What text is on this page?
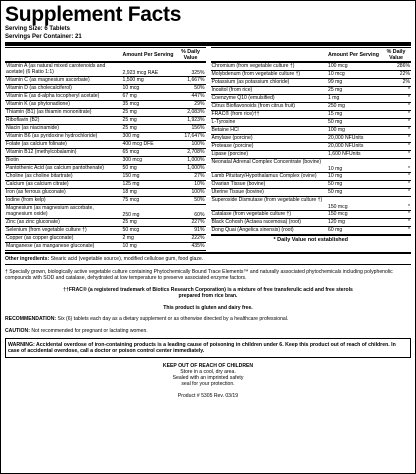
Supplement Facts
Serving Size: 6 Tablets
Servings Per Container: 21
Amount Per Serving	% Daily Value
Vitamin A (as natural mixed carotenoids and acetate) (6 Ratio 1:1)	2,923 mcg RAE	325%
Vitamin C (as magnesium ascorbate)	1,500 mg	1,667%
Vitamin D (as cholecalciferol)	10 mcg	50%
Vitamin E (as d-alpha tocopheryl acetate)	67 mg	447%
Vitamin K (as phytonadione)	35 mcg	29%
Thiamin (B1) (as thiamin mononitrate)	25 mg	2,083%
Riboflavin (B2)	25 mg	1,923%
Niacin (as niacinamide)	25 mg	156%
Vitamin B6 (as pyridoxine hydrochloride)	300 mg	17,647%
Folate (as calcium folinate)	400 mcg DFE	100%
Vitamin B12 (methylcobalamin)	65 mcg	2,708%
Biotin	300 mcg	1,000%
Pantothenic Acid (as calcium pantothenate)	50 mg	1,000%
Choline (as choline bitartrate)	150 mg	27%
Calcium (as calcium citrate)	125 mg	10%
Iron (as ferrous gluconate)	18 mg	100%
Iodine (from kelp)	75 mcg	50%
Magnesium (as magnesium ascorbate, magnesium oxide)	250 mg	60%
Zinc (as zinc gluconate)	25 mg	227%
Selenium (from vegetable culture †)	50 mcg	91%
Copper (as copper gluconate)	2 mg	222%
Manganese (as manganese gluconate)	10 mg	435%
Amount Per Serving	% Daily Value
Chromium (from vegetable culture †)	100 mcg	286%
Molybdenum (from vegetable culture †)	10 mcg	22%
Potassium (as potassium chloride)	99 mg	2%
Inositol (from rice)	25 mg	*
Coenzyme Q10 (emulsified)	1 mg	*
Citrus Bioflavonoids (from citrus fruit)	250 mg	*
FRAC® (from rice)††	15 mg	*
L-Tyrosine	50 mg	*
Betaine HCl	100 mg	*
Amylase (porcine)	20,000 NFUnits	*
Protease (porcine)	20,000 NFUnits	*
Lipase (porcine)	1,600 NFUnits	*
Neonatal Adrenal Complex Concentrate (bovine)
10 mg	*
Lamb Pituitary/Hypothalamus Complex (ovine)	10 mg	*
Ovarian Tissue (bovine)	50 mg	*
Uterine Tissue (bovine)	50 mg	*
Superoxide Dismutase (from vegetable culture †)
150 mcg	*
Catalase (from vegetable culture †)	150 mcg	*
Black Cohosh (Actaea racemosa) (root)	120 mg	*
Dong Quai (Angelica sinensis) (root)	60 mg	*
* Daily Value not established

Other ingredients: Stearic acid (vegetable source), modified cellulose gum, food glaze.

† Specially grown, biologically active vegetable culture containing Phytochemically Bound Trace Elements™ and naturally associated phytochemicals including polyphenolic compounds with SOD and catalase, dehydrated at low temperature to preserve associated enzyme factors.

††FRAC® (a registered trademark of Biotics Research Corporation) is a mixture of free transferulic acid and free sterols prepared from rice bran.

This product is gluten and dairy free.

RECOMMENDATION: Six (6) tablets each day as a dietary supplement or as otherwise directed by a healthcare professional.

CAUTION: Not recommended for pregnant or lactating women.

WARNING: Accidental overdose of iron-containing products is a leading cause of poisoning in children under 6. Keep this product out of reach of children. In case of accidental overdose, call a doctor or poison control center immediately.

KEEP OUT OF REACH OF CHILDREN

Store in a cool, dry area.

Sealed with an imprinted safety

seal for your protection.

Product # 5305 Rev. 03/19
